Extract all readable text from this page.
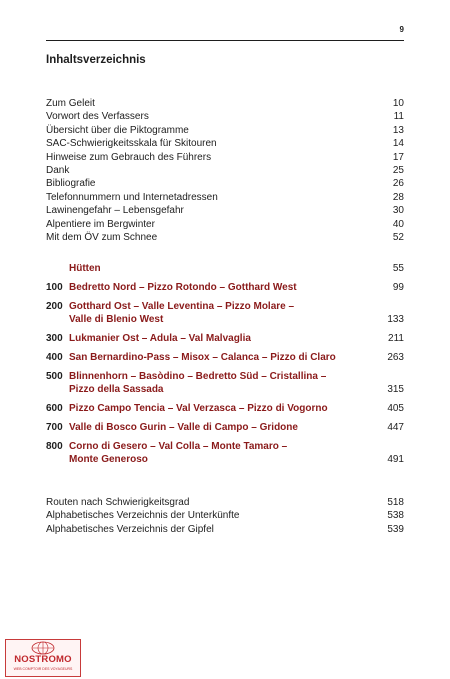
9
Inhaltsverzeichnis
Zum Geleit	10
Vorwort des Verfassers	11
Übersicht über die Piktogramme	13
SAC-Schwierigkeitsskala für Skitouren	14
Hinweise zum Gebrauch des Führers	17
Dank	25
Bibliografie	26
Telefonnummern und Internetadressen	28
Lawinengefahr – Lebensgefahr	30
Alpentiere im Bergwinter	40
Mit dem ÖV zum Schnee	52
Hütten	55
100 Bedretto Nord – Pizzo Rotondo – Gotthard West	99
200 Gotthard Ost – Valle Leventina – Pizzo Molare –
Valle di Blenio West	133
300 Lukmanier Ost – Adula – Val Malvaglia	211
400 San Bernardino-Pass – Misox – Calanca – Pizzo di Claro	263
500 Blinnenhorn – Basòdino – Bedretto Süd – Cristallina –
Pizzo della Sassada	315
600 Pizzo Campo Tencia – Val Verzasca – Pizzo di Vogorno	405
700 Valle di Bosco Gurin – Valle di Campo – Gridone	447
800 Corno di Gesero – Val Colla – Monte Tamaro –
Monte Generoso	491
Routen nach Schwierigkeitsgrad	518
Alphabetisches Verzeichnis der Unterkünfte	538
Alphabetisches Verzeichnis der Gipfel	539
NOSTROMO
WEB COMPTOIR DES VOYAGEURS
